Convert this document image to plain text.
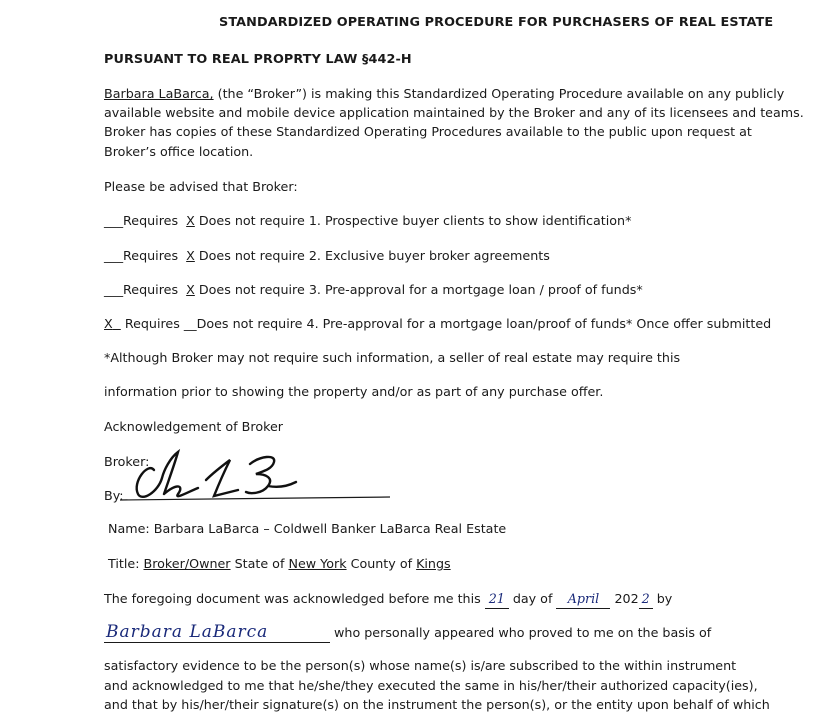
STANDARDIZED OPERATING PROCEDURE FOR PURCHASERS OF REAL ESTATE
PURSUANT TO REAL PROPRTY LAW §442-H
Barbara LaBarca, (the “Broker”) is making this Standardized Operating Procedure available on any publicly
available website and mobile device application maintained by the Broker and any of its licensees and teams.
Broker has copies of these Standardized Operating Procedures available to the public upon request at
Broker’s office location.
Please be advised that Broker:
___Requires X Does not require 1. Prospective buyer clients to show identification*
___Requires X Does not require 2. Exclusive buyer broker agreements
___Requires X Does not require 3. Pre-approval for a mortgage loan / proof of funds*
X Requires __Does not require 4. Pre-approval for a mortgage loan/proof of funds* Once offer submitted
*Although Broker may not require such information, a seller of real estate may require this
information prior to showing the property and/or as part of any purchase offer.
Acknowledgement of Broker
Broker:
By:
Name: Barbara LaBarca – Coldwell Banker LaBarca Real Estate
Title: Broker/Owner State of New York County of Kings
The foregoing document was acknowledged before me this 21 day of April 202 2 by
Barbara LaBarca	who personally appeared who proved to me on the basis of
satisfactory evidence to be the person(s) whose name(s) is/are subscribed to the within instrument
and acknowledged to me that he/she/they executed the same in his/her/their authorized capacity(ies),
and that by his/her/their signature(s) on the instrument the person(s), or the entity upon behalf of which
